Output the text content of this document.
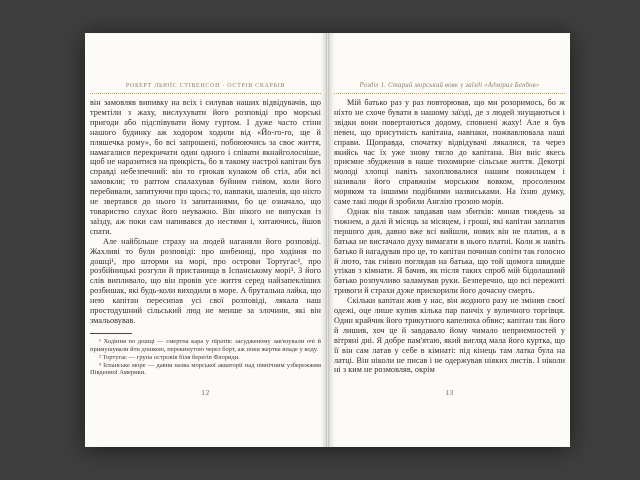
РОБЕРТ ЛЬЮЇС СТІВЕНСОН · ОСТРІВ СКАРБІВ

він замовляв випивку на всіх і силував наших відвідувачів, що тремтіли з жаху, вислухувати його розповіді про морські пригоди або підспівувати йому гуртом. І дуже часто стіни нашого будинку аж ходором ходили від «Йо-го-го, ще й пляшечка рому», бо всі запрошені, побоюючись за своє життя, намагалися перекричати один одного і співати якнайголосніше, щоб не наразитися на прикрість, бо в такому настрої капітан був справді небезпечний: він то грюкав кулаком об стіл, аби всі замовкли; то раптом спалахував буйним гнівом, коли його перебивали, запитуючи про щось; то, навпаки, шаленів, що ніхто не звертався до нього із запитаннями, бо це означало, що товариство слухає його неуважно. Він нікого не випускав із заїзду, аж поки сам напивався до нестями і, хитаючись, йшов спати.

Але найбільше страху на людей наганяли його розповіді. Жахливі то були розповіді: про шибениці, про ходіння по дошці¹, про шторми на морі, про острови Тортугас², про розбійницькі розгули й пристанища в Іспанському морі³. З його слів випливало, що він провів усе життя серед найзапекліших розбишак, які будь-коли виходили в море. А брутальна лайка, що нею капітан пересипав усі свої розповіді, лякала наш простодушний сільський люд не менше за злочини, які він змальовував.

¹ Ходіння по дошці — смертна кара у піратів: засудженому зав'язували очі й примушували йти дошкою, перекинутою через борт, аж поки жертва впаде у воду.

² Тортугас — група островів біля берегів Флориди.

³ Іспанське море — давня назва морської акваторії над північним узбережжям Південної Америки.

12
Розділ 1. Старий морський вовк у заїзді «Адмірал Бенбов»

Мій батько раз у раз повторював, що ми розоримось, бо ж ніхто не схоче бувати в нашому заїзді, де з людей знущаються і звідки вони повертаються додому, сповнені жаху! Але я був певен, що присутність капітана, навпаки, пожвавлювала наші справи. Щоправда, спочатку відвідувачі лякалися, та через якийсь час їх уже знову тягло до капітана. Він вніс якесь приємне збудження в наше тихомирне сільське життя. Декотрі молоді хлопці навіть захоплювалися нашим пожильцем і називали його справжнім морським вовком, просоленим моряком та іншими подібними назвиськами. На їхню думку, саме такі люди й зробили Англію грозою морів.

Однак він також завдавав нам збитків: минав тиждень за тижнем, а далі й місяць за місяцем, і гроші, які капітан заплатив першого дня, давно вже всі вийшли, нових він не платив, а в батька не вистачало духу вимагати в нього платні. Коли ж навіть батько й нагадував про це, то капітан починав сопіти так голосно й люто, так гнівно поглядав на батька, що той щомога швидше утікав з кімнати. Я бачив, як після таких спроб мій бідолашний батько розпучливо заламував руки. Безперечно, що всі пережиті тривоги й страхи дуже прискорили його дочасну смерть.

Скільки капітан жив у нас, він жодного разу не змінив своєї одежі, оце лише купив кілька пар панчіх у вуличного торгівця. Один крайчик його трикутного капелюха обвис; капітан так його й лишив, хоч це й завдавало йому чимало неприємностей у вітряні дні. Я добре пам'ятаю, який вигляд мала його куртка, що її він сам латав у себе в кімнаті: під кінець там латка була на латці. Він ніколи не писав і не одержував ніяких листів. І ніколи ні з ким не розмовляв, окрім

13
